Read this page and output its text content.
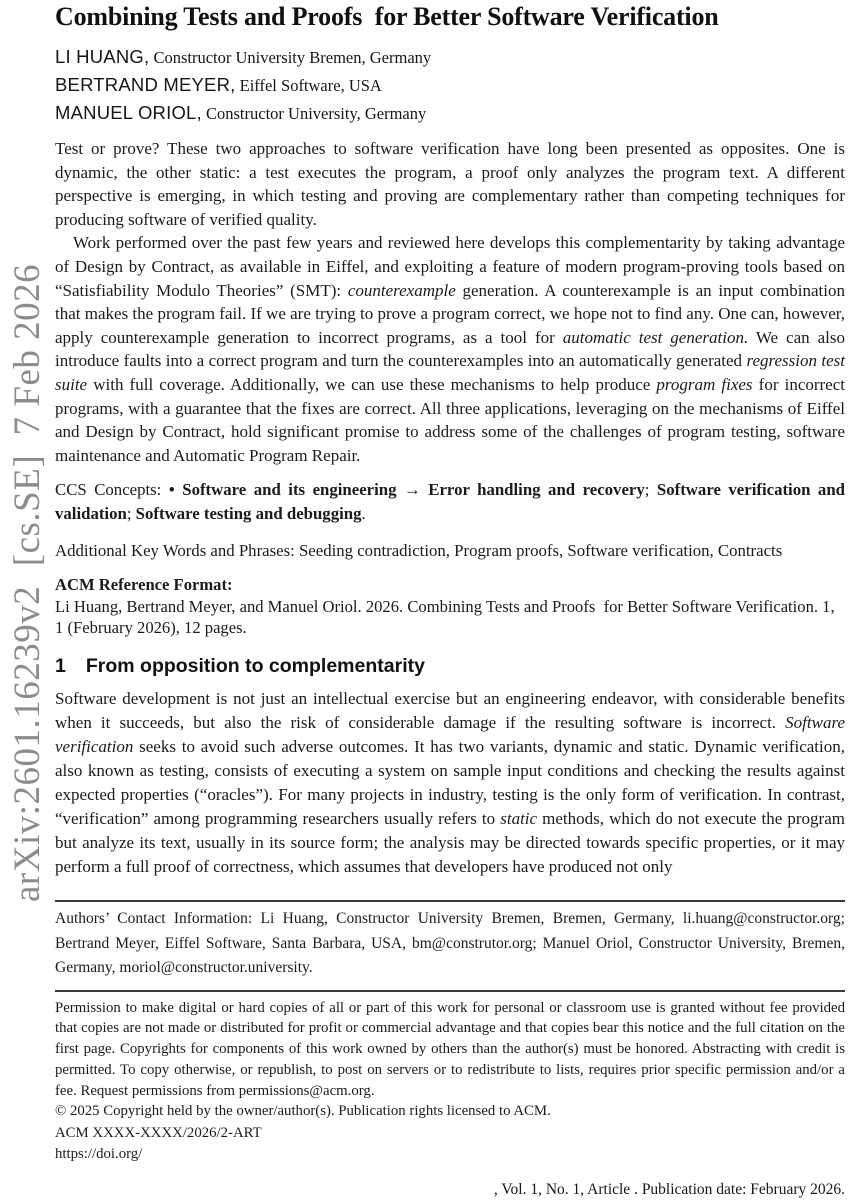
arXiv:2601.16239v2  [cs.SE]  7 Feb 2026
Combining Tests and Proofs  for Better Software Verification
LI HUANG, Constructor University Bremen, Germany
BERTRAND MEYER, Eiffel Software, USA
MANUEL ORIOL, Constructor University, Germany

Test or prove? These two approaches to software verification have long been presented as opposites. One is dynamic, the other static: a test executes the program, a proof only analyzes the program text. A different perspective is emerging, in which testing and proving are complementary rather than competing techniques for producing software of verified quality.

Work performed over the past few years and reviewed here develops this complementarity by taking advantage of Design by Contract, as available in Eiffel, and exploiting a feature of modern program-proving tools based on “Satisfiability Modulo Theories” (SMT): counterexample generation. A counterexample is an input combination that makes the program fail. If we are trying to prove a program correct, we hope not to find any. One can, however, apply counterexample generation to incorrect programs, as a tool for automatic test generation. We can also introduce faults into a correct program and turn the counterexamples into an automatically generated regression test suite with full coverage. Additionally, we can use these mechanisms to help produce program fixes for incorrect programs, with a guarantee that the fixes are correct. All three applications, leveraging on the mechanisms of Eiffel and Design by Contract, hold significant promise to address some of the challenges of program testing, software maintenance and Automatic Program Repair.

CCS Concepts: • Software and its engineering → Error handling and recovery; Software verification and validation; Software testing and debugging.

Additional Key Words and Phrases: Seeding contradiction, Program proofs, Software verification, Contracts

ACM Reference Format:

Li Huang, Bertrand Meyer, and Manuel Oriol. 2026. Combining Tests and Proofs  for Better Software Verification. 1, 1 (February 2026), 12 pages.

1 From opposition to complementarity

Software development is not just an intellectual exercise but an engineering endeavor, with considerable benefits when it succeeds, but also the risk of considerable damage if the resulting software is incorrect. Software verification seeks to avoid such adverse outcomes. It has two variants, dynamic and static. Dynamic verification, also known as testing, consists of executing a system on sample input conditions and checking the results against expected properties (“oracles”). For many projects in industry, testing is the only form of verification. In contrast, “verification” among programming researchers usually refers to static methods, which do not execute the program but analyze its text, usually in its source form; the analysis may be directed towards specific properties, or it may perform a full proof of correctness, which assumes that developers have produced not only

Authors’ Contact Information: Li Huang, Constructor University Bremen, Bremen, Germany, li.huang@constructor.org; Bertrand Meyer, Eiffel Software, Santa Barbara, USA, bm@construtor.org; Manuel Oriol, Constructor University, Bremen, Germany, moriol@constructor.university.

Permission to make digital or hard copies of all or part of this work for personal or classroom use is granted without fee provided that copies are not made or distributed for profit or commercial advantage and that copies bear this notice and the full citation on the first page. Copyrights for components of this work owned by others than the author(s) must be honored. Abstracting with credit is permitted. To copy otherwise, or republish, to post on servers or to redistribute to lists, requires prior specific permission and/or a fee. Request permissions from permissions@acm.org.

© 2025 Copyright held by the owner/author(s). Publication rights licensed to ACM.

ACM XXXX-XXXX/2026/2-ART

https://doi.org/

, Vol. 1, No. 1, Article . Publication date: February 2026.
